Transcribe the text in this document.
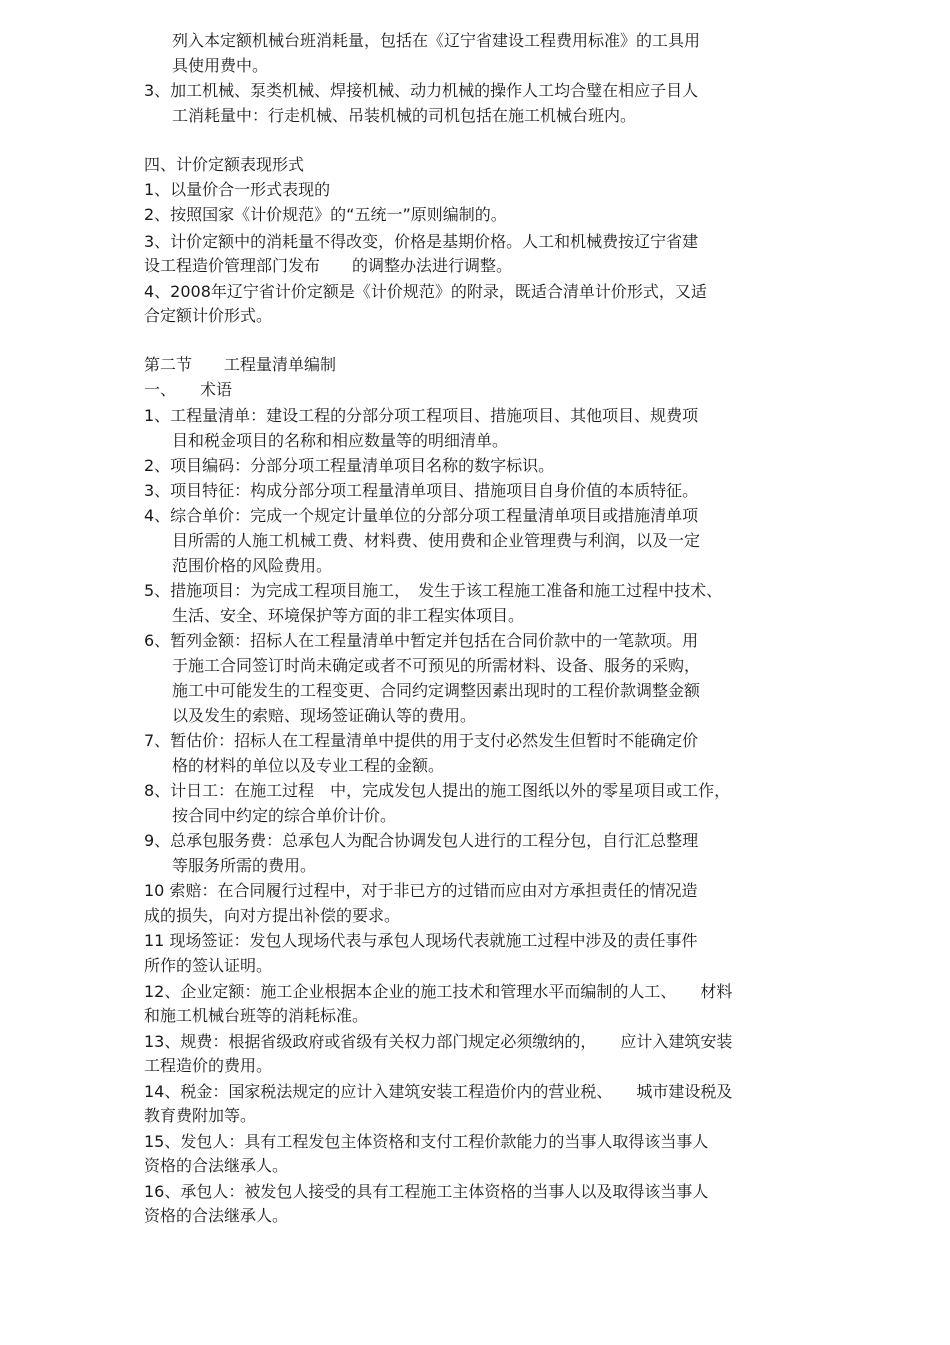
列入本定额机械台班消耗量，包括在《辽宁省建设工程费用标准》的工具用
具使用费中。
3、加工机械、泵类机械、焊接机械、动力机械的操作人工均合璧在相应子目人
工消耗量中：行走机械、吊装机械的司机包括在施工机械台班内。
四、计价定额表现形式
1、以量价合一形式表现的
2、按照国家《计价规范》的“五统一”原则编制的。
3、计价定额中的消耗量不得改变，价格是基期价格。人工和机械费按辽宁省建
设工程造价管理部门发布　　的调整办法进行调整。
4、2008年辽宁省计价定额是《计价规范》的附录，既适合清单计价形式，又适
合定额计价形式。
第二节　　工程量清单编制
一、　　术语
1、工程量清单：建设工程的分部分项工程项目、措施项目、其他项目、规费项
目和税金项目的名称和相应数量等的明细清单。
2、项目编码：分部分项工程量清单项目名称的数字标识。
3、项目特征：构成分部分项工程量清单项目、措施项目自身价值的本质特征。
4、综合单价：完成一个规定计量单位的分部分项工程量清单项目或措施清单项
目所需的人施工机械工费、材料费、使用费和企业管理费与利润，以及一定
范围价格的风险费用。
5、措施项目：为完成工程项目施工，　发生于该工程施工准备和施工过程中技术、
生活、安全、环境保护等方面的非工程实体项目。
6、暂列金额：招标人在工程量清单中暂定并包括在合同价款中的一笔款项。用
于施工合同签订时尚未确定或者不可预见的所需材料、设备、服务的采购，
施工中可能发生的工程变更、合同约定调整因素出现时的工程价款调整金额
以及发生的索赔、现场签证确认等的费用。
7、暂估价：招标人在工程量清单中提供的用于支付必然发生但暂时不能确定价
格的材料的单位以及专业工程的金额。
8、计日工：在施工过程　中，完成发包人提出的施工图纸以外的零星项目或工作，
按合同中约定的综合单价计价。
9、总承包服务费：总承包人为配合协调发包人进行的工程分包，自行汇总整理
等服务所需的费用。
10 索赔：在合同履行过程中，对于非已方的过错而应由对方承担责任的情况造
成的损失，向对方提出补偿的要求。
11 现场签证：发包人现场代表与承包人现场代表就施工过程中涉及的责任事件
所作的签认证明。
12、企业定额：施工企业根据本企业的施工技术和管理水平而编制的人工、　　材料
和施工机械台班等的消耗标准。
13、规费：根据省级政府或省级有关权力部门规定必须缴纳的，　　应计入建筑安装
工程造价的费用。
14、税金：国家税法规定的应计入建筑安装工程造价内的营业税、　　城市建设税及
教育费附加等。
15、发包人：具有工程发包主体资格和支付工程价款能力的当事人取得该当事人
资格的合法继承人。
16、承包人：被发包人接受的具有工程施工主体资格的当事人以及取得该当事人
资格的合法继承人。
